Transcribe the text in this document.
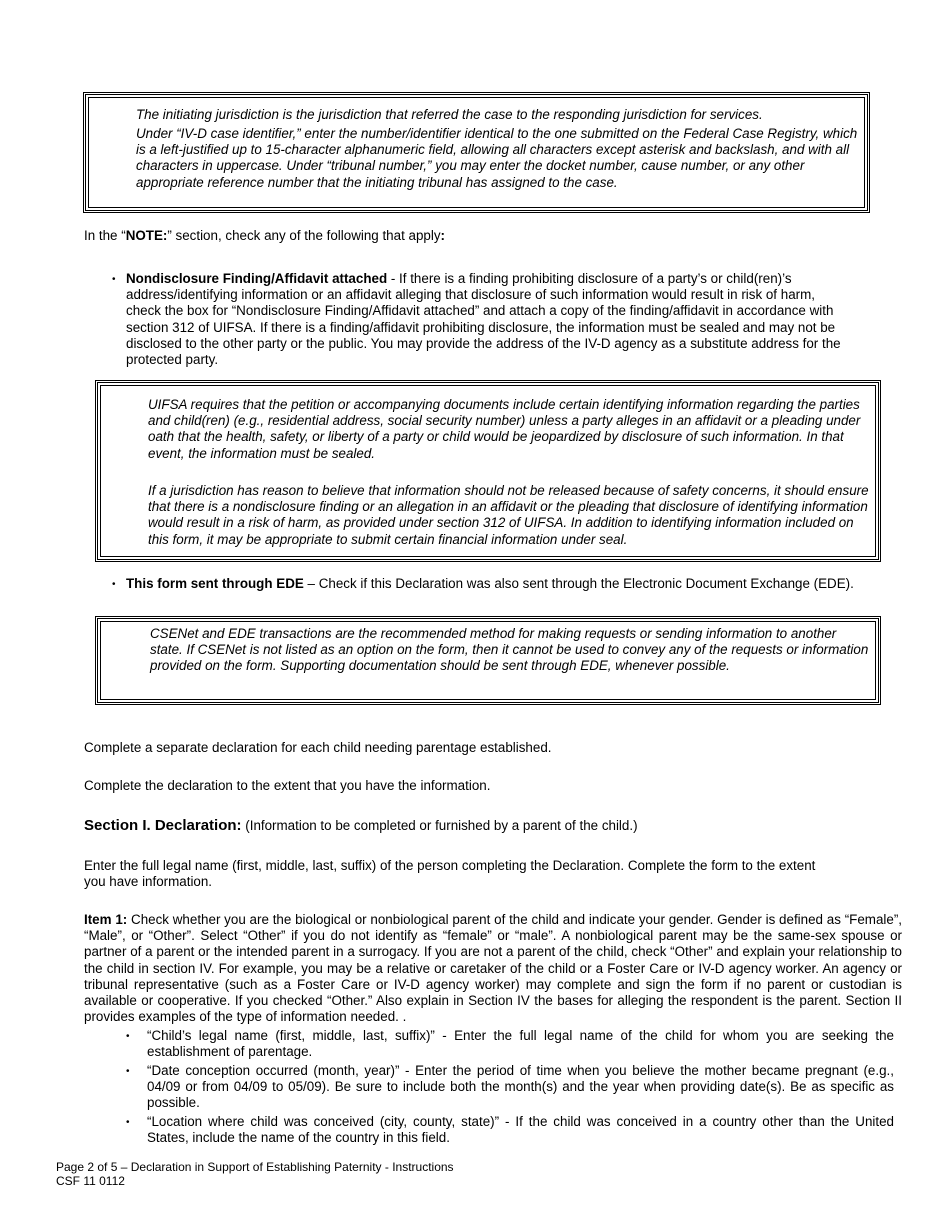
The initiating jurisdiction is the jurisdiction that referred the case to the responding jurisdiction for services.

Under “IV-D case identifier,” enter the number/identifier identical to the one submitted on the Federal Case Registry, which is a left-justified up to 15-character alphanumeric field, allowing all characters except asterisk and backslash, and with all characters in uppercase. Under “tribunal number,” you may enter the docket number, cause number, or any other appropriate reference number that the initiating tribunal has assigned to the case.

In the “NOTE:” section, check any of the following that apply:

• Nondisclosure Finding/Affidavit attached - If there is a finding prohibiting disclosure of a party’s or child(ren)’s address/identifying information or an affidavit alleging that disclosure of such information would result in risk of harm, check the box for “Nondisclosure Finding/Affidavit attached” and attach a copy of the finding/affidavit in accordance with section 312 of UIFSA. If there is a finding/affidavit prohibiting disclosure, the information must be sealed and may not be disclosed to the other party or the public. You may provide the address of the IV-D agency as a substitute address for the protected party.

UIFSA requires that the petition or accompanying documents include certain identifying information regarding the parties and child(ren) (e.g., residential address, social security number) unless a party alleges in an affidavit or a pleading under oath that the health, safety, or liberty of a party or child would be jeopardized by disclosure of such information. In that event, the information must be sealed.

If a jurisdiction has reason to believe that information should not be released because of safety concerns, it should ensure that there is a nondisclosure finding or an allegation in an affidavit or the pleading that disclosure of identifying information would result in a risk of harm, as provided under section 312 of UIFSA. In addition to identifying information included on this form, it may be appropriate to submit certain financial information under seal.

• This form sent through EDE – Check if this Declaration was also sent through the Electronic Document Exchange (EDE).

CSENet and EDE transactions are the recommended method for making requests or sending information to another state. If CSENet is not listed as an option on the form, then it cannot be used to convey any of the requests or information provided on the form. Supporting documentation should be sent through EDE, whenever possible.

Complete a separate declaration for each child needing parentage established.

Complete the declaration to the extent that you have the information.

Section I. Declaration: (Information to be completed or furnished by a parent of the child.)

Enter the full legal name (first, middle, last, suffix) of the person completing the Declaration. Complete the form to the extent you have information.

Item 1: Check whether you are the biological or nonbiological parent of the child and indicate your gender. Gender is defined as “Female”, “Male”, or “Other”. Select “Other” if you do not identify as “female” or “male”. A nonbiological parent may be the same-sex spouse or partner of a parent or the intended parent in a surrogacy. If you are not a parent of the child, check “Other” and explain your relationship to the child in section IV. For example, you may be a relative or caretaker of the child or a Foster Care or IV-D agency worker. An agency or tribunal representative (such as a Foster Care or IV-D agency worker) may complete and sign the form if no parent or custodian is available or cooperative. If you checked “Other.” Also explain in Section IV the bases for alleging the respondent is the parent. Section II provides examples of the type of information needed. .

• “Child’s legal name (first, middle, last, suffix)” - Enter the full legal name of the child for whom you are seeking the establishment of parentage.

• “Date conception occurred (month, year)” - Enter the period of time when you believe the mother became pregnant (e.g., 04/09 or from 04/09 to 05/09). Be sure to include both the month(s) and the year when providing date(s). Be as specific as possible.

• “Location where child was conceived (city, county, state)” - If the child was conceived in a country other than the United States, include the name of the country in this field.

Page 2 of 5 – Declaration in Support of Establishing Paternity - Instructions
CSF 11 0112
